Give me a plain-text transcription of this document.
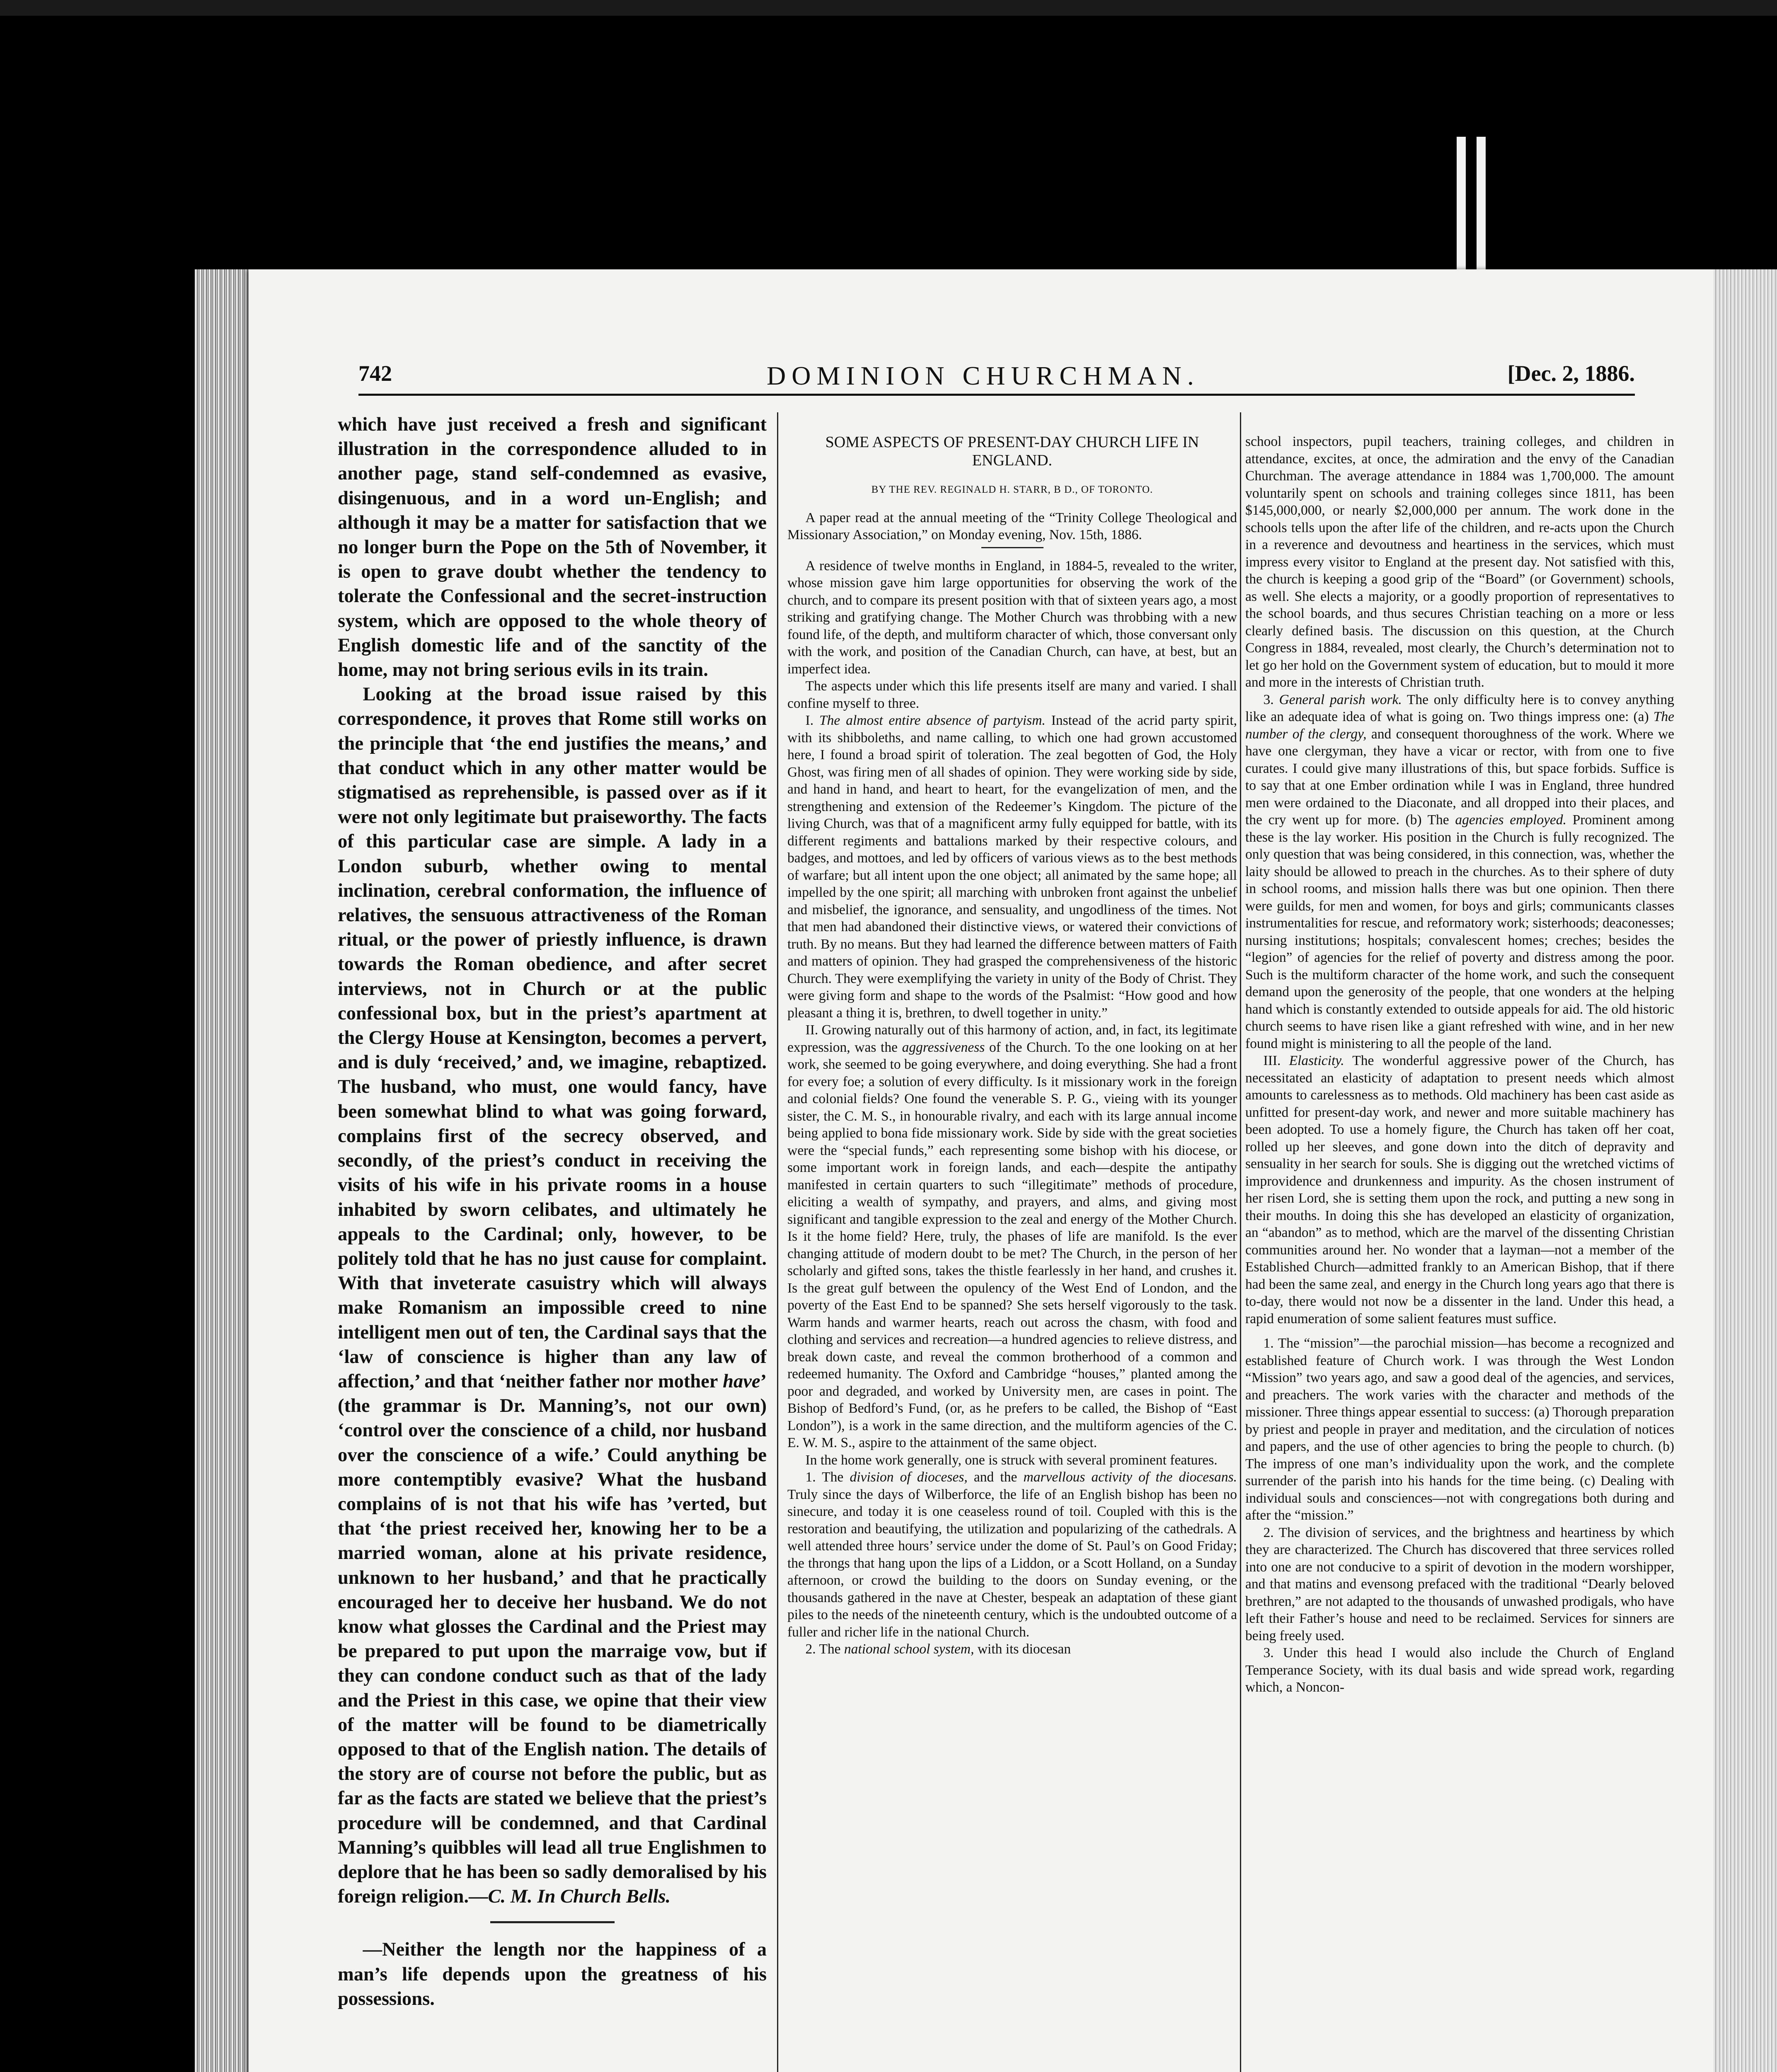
742	DOMINION CHURCHMAN.	[Dec. 2, 1886.

which have just received a fresh and significant illustration in the correspondence alluded to in another page, stand self-condemned as evasive, disingenuous, and in a word un-English; and although it may be a matter for satisfaction that we no longer burn the Pope on the 5th of November, it is open to grave doubt whether the tendency to tolerate the Confessional and the secret-instruction system, which are opposed to the whole theory of English domestic life and of the sanctity of the home, may not bring serious evils in its train.

Looking at the broad issue raised by this correspondence, it proves that Rome still works on the principle that ‘the end justifies the means,’ and that conduct which in any other matter would be stigmatised as reprehensible, is passed over as if it were not only legitimate but praiseworthy. The facts of this particular case are simple. A lady in a London suburb, whether owing to mental inclination, cerebral conformation, the influence of relatives, the sensuous attractiveness of the Roman ritual, or the power of priestly influence, is drawn towards the Roman obedience, and after secret interviews, not in Church or at the public confessional box, but in the priest’s apartment at the Clergy House at Kensington, becomes a pervert, and is duly ‘received,’ and, we imagine, rebaptized. The husband, who must, one would fancy, have been somewhat blind to what was going forward, complains first of the secrecy observed, and secondly, of the priest’s conduct in receiving the visits of his wife in his private rooms in a house inhabited by sworn celibates, and ultimately he appeals to the Cardinal; only, however, to be politely told that he has no just cause for complaint. With that inveterate casuistry which will always make Romanism an impossible creed to nine intelligent men out of ten, the Cardinal says that the ‘law of conscience is higher than any law of affection,’ and that ‘neither father nor mother have’ (the grammar is Dr. Manning’s, not our own) ‘control over the conscience of a child, nor husband over the conscience of a wife.’ Could anything be more contemptibly evasive? What the husband complains of is not that his wife has ’verted, but that ‘the priest received her, knowing her to be a married woman, alone at his private residence, unknown to her husband,’ and that he practically encouraged her to deceive her husband. We do not know what glosses the Cardinal and the Priest may be prepared to put upon the marraige vow, but if they can condone conduct such as that of the lady and the Priest in this case, we opine that their view of the matter will be found to be diametrically opposed to that of the English nation. The details of the story are of course not before the public, but as far as the facts are stated we believe that the priest’s procedure will be condemned, and that Cardinal Manning’s quibbles will lead all true Englishmen to deplore that he has been so sadly demoralised by his foreign religion.—C. M. In Church Bells.

—Neither the length nor the happiness of a man’s life depends upon the greatness of his possessions.

SOME ASPECTS OF PRESENT-DAY CHURCH LIFE IN ENGLAND.

BY THE REV. REGINALD H. STARR, B D., OF TORONTO.

A paper read at the annual meeting of the “Trinity College Theological and Missionary Association,” on Monday evening, Nov. 15th, 1886.

A residence of twelve months in England, in 1884-5, revealed to the writer, whose mission gave him large opportunities for observing the work of the church, and to compare its present position with that of sixteen years ago, a most striking and gratifying change. The Mother Church was throbbing with a new found life, of the depth, and multiform character of which, those conversant only with the work, and position of the Canadian Church, can have, at best, but an imperfect idea.

The aspects under which this life presents itself are many and varied. I shall confine myself to three.

I. The almost entire absence of partyism. Instead of the acrid party spirit, with its shibboleths, and name calling, to which one had grown accustomed here, I found a broad spirit of toleration. The zeal begotten of God, the Holy Ghost, was firing men of all shades of opinion. They were working side by side, and hand in hand, and heart to heart, for the evangelization of men, and the strengthening and extension of the Redeemer’s Kingdom. The picture of the living Church, was that of a magnificent army fully equipped for battle, with its different regiments and battalions marked by their respective colours, and badges, and mottoes, and led by officers of various views as to the best methods of warfare; but all intent upon the one object; all animated by the same hope; all impelled by the one spirit; all marching with unbroken front against the unbelief and misbelief, the ignorance, and sensuality, and ungodliness of the times. Not that men had abandoned their distinctive views, or watered their convictions of truth. By no means. But they had learned the difference between matters of Faith and matters of opinion. They had grasped the comprehensiveness of the historic Church. They were exemplifying the variety in unity of the Body of Christ. They were giving form and shape to the words of the Psalmist: “How good and how pleasant a thing it is, brethren, to dwell together in unity.”

II. Growing naturally out of this harmony of action, and, in fact, its legitimate expression, was the aggressiveness of the Church. To the one looking on at her work, she seemed to be going everywhere, and doing everything. She had a front for every foe; a solution of every difficulty. Is it missionary work in the foreign and colonial fields? One found the venerable S. P. G., vieing with its younger sister, the C. M. S., in honourable rivalry, and each with its large annual income being applied to bona fide missionary work. Side by side with the great societies were the “special funds,” each representing some bishop with his diocese, or some important work in foreign lands, and each—despite the antipathy manifested in certain quarters to such “illegitimate” methods of procedure, eliciting a wealth of sympathy, and prayers, and alms, and giving most significant and tangible expression to the zeal and energy of the Mother Church. Is it the home field? Here, truly, the phases of life are manifold. Is the ever changing attitude of modern doubt to be met? The Church, in the person of her scholarly and gifted sons, takes the thistle fearlessly in her hand, and crushes it. Is the great gulf between the opulency of the West End of London, and the poverty of the East End to be spanned? She sets herself vigorously to the task. Warm hands and warmer hearts, reach out across the chasm, with food and clothing and services and recreation—a hundred agencies to relieve distress, and break down caste, and reveal the common brotherhood of a common and redeemed humanity. The Oxford and Cambridge “houses,” planted among the poor and degraded, and worked by University men, are cases in point. The Bishop of Bedford’s Fund, (or, as he prefers to be called, the Bishop of “East London”), is a work in the same direction, and the multiform agencies of the C. E. W. M. S., aspire to the attainment of the same object.

In the home work generally, one is struck with several prominent features.

1. The division of dioceses, and the marvellous activity of the diocesans. Truly since the days of Wilberforce, the life of an English bishop has been no sinecure, and today it is one ceaseless round of toil. Coupled with this is the restoration and beautifying, the utilization and popularizing of the cathedrals. A well attended three hours’ service under the dome of St. Paul’s on Good Friday; the throngs that hang upon the lips of a Liddon, or a Scott Holland, on a Sunday afternoon, or crowd the building to the doors on Sunday evening, or the thousands gathered in the nave at Chester, bespeak an adaptation of these giant piles to the needs of the nineteenth century, which is the undoubted outcome of a fuller and richer life in the national Church.

2. The national school system, with its diocesan

school inspectors, pupil teachers, training colleges, and children in attendance, excites, at once, the admiration and the envy of the Canadian Churchman. The average attendance in 1884 was 1,700,000. The amount voluntarily spent on schools and training colleges since 1811, has been $145,000,000, or nearly $2,000,000 per annum. The work done in the schools tells upon the after life of the children, and re-acts upon the Church in a reverence and devoutness and heartiness in the services, which must impress every visitor to England at the present day. Not satisfied with this, the church is keeping a good grip of the “Board” (or Government) schools, as well. She elects a majority, or a goodly proportion of representatives to the school boards, and thus secures Christian teaching on a more or less clearly defined basis. The discussion on this question, at the Church Congress in 1884, revealed, most clearly, the Church’s determination not to let go her hold on the Government system of education, but to mould it more and more in the interests of Christian truth.

3. General parish work. The only difficulty here is to convey anything like an adequate idea of what is going on. Two things impress one: (a) The number of the clergy, and consequent thoroughness of the work. Where we have one clergyman, they have a vicar or rector, with from one to five curates. I could give many illustrations of this, but space forbids. Suffice is to say that at one Ember ordination while I was in England, three hundred men were ordained to the Diaconate, and all dropped into their places, and the cry went up for more. (b) The agencies employed. Prominent among these is the lay worker. His position in the Church is fully recognized. The only question that was being considered, in this connection, was, whether the laity should be allowed to preach in the churches. As to their sphere of duty in school rooms, and mission halls there was but one opinion. Then there were guilds, for men and women, for boys and girls; communicants classes instrumentalities for rescue, and reformatory work; sisterhoods; deaconesses; nursing institutions; hospitals; convalescent homes; creches; besides the “legion” of agencies for the relief of poverty and distress among the poor. Such is the multiform character of the home work, and such the consequent demand upon the generosity of the people, that one wonders at the helping hand which is constantly extended to outside appeals for aid. The old historic church seems to have risen like a giant refreshed with wine, and in her new found might is ministering to all the people of the land.

III. Elasticity. The wonderful aggressive power of the Church, has necessitated an elasticity of adaptation to present needs which almost amounts to carelessness as to methods. Old machinery has been cast aside as unfitted for present-day work, and newer and more suitable machinery has been adopted. To use a homely figure, the Church has taken off her coat, rolled up her sleeves, and gone down into the ditch of depravity and sensuality in her search for souls. She is digging out the wretched victims of improvidence and drunkenness and impurity. As the chosen instrument of her risen Lord, she is setting them upon the rock, and putting a new song in their mouths. In doing this she has developed an elasticity of organization, an “abandon” as to method, which are the marvel of the dissenting Christian communities around her. No wonder that a layman—not a member of the Established Church—admitted frankly to an American Bishop, that if there had been the same zeal, and energy in the Church long years ago that there is to-day, there would not now be a dissenter in the land. Under this head, a rapid enumeration of some salient features must suffice.

1. The “mission”—the parochial mission—has become a recognized and established feature of Church work. I was through the West London “Mission” two years ago, and saw a good deal of the agencies, and services, and preachers. The work varies with the character and methods of the missioner. Three things appear essential to success: (a) Thorough preparation by priest and people in prayer and meditation, and the circulation of notices and papers, and the use of other agencies to bring the people to church. (b) The impress of one man’s individuality upon the work, and the complete surrender of the parish into his hands for the time being. (c) Dealing with individual souls and consciences—not with congregations both during and after the “mission.”

2. The division of services, and the brightness and heartiness by which they are characterized. The Church has discovered that three services rolled into one are not conducive to a spirit of devotion in the modern worshipper, and that matins and evensong prefaced with the traditional “Dearly beloved brethren,” are not adapted to the thousands of unwashed prodigals, who have left their Father’s house and need to be reclaimed. Services for sinners are being freely used.

3. Under this head I would also include the Church of England Temperance Society, with its dual basis and wide spread work, regarding which, a Noncon-
